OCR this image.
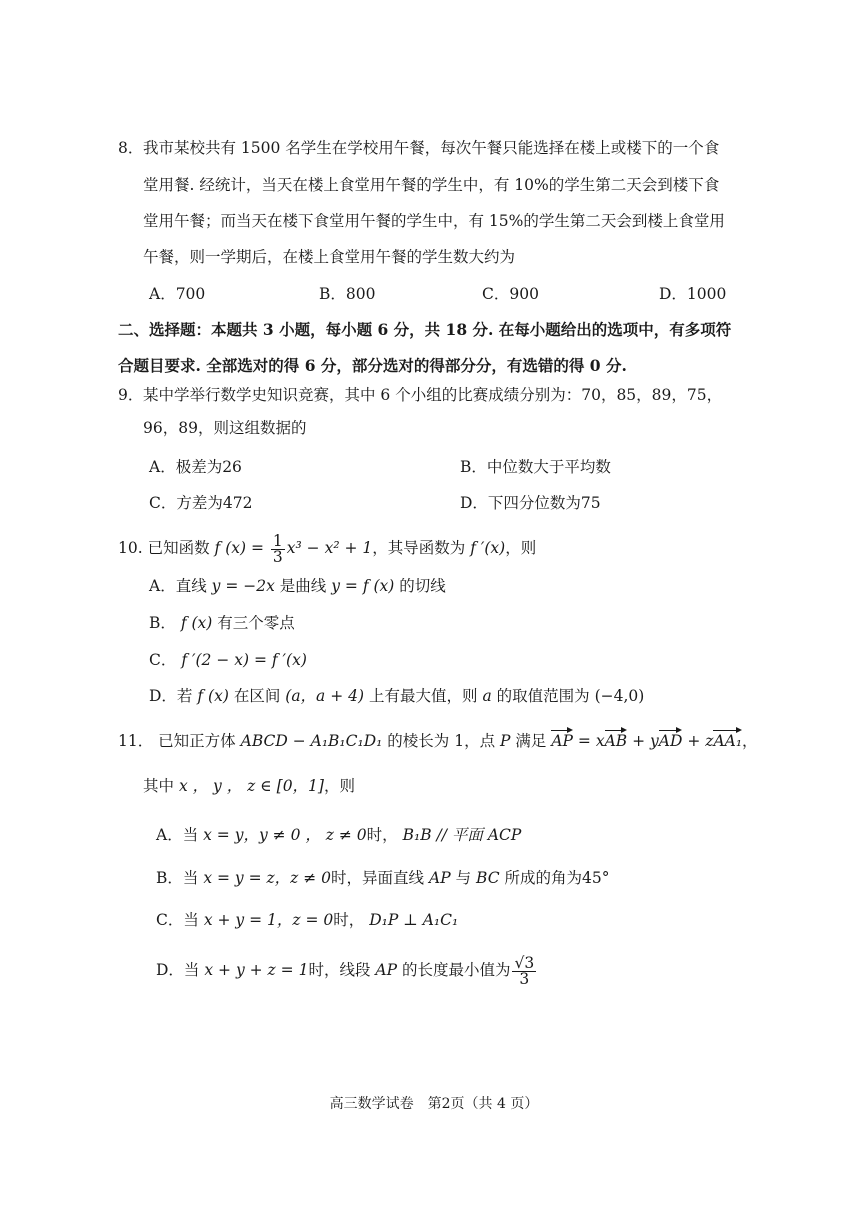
8． 我市某校共有 1500 名学生在学校用午餐，每次午餐只能选择在楼上或楼下的一个食
堂用餐. 经统计，当天在楼上食堂用午餐的学生中，有 10%的学生第二天会到楼下食
堂用午餐；而当天在楼下食堂用午餐的学生中，有 15%的学生第二天会到楼上食堂用
午餐，则一学期后，在楼上食堂用午餐的学生数大约为
A．700	B．800	C．900	D．1000
二、选择题：本题共 3 小题，每小题 6 分，共 18 分. 在每小题给出的选项中，有多项符
合题目要求. 全部选对的得 6 分，部分选对的得部分分，有选错的得 0 分.
9． 某中学举行数学史知识竞赛，其中 6 个小组的比赛成绩分别为：70，85，89，75，
96，89，则这组数据的
A．极差为26	B．中位数大于平均数
C．方差为472	D．下四分位数为75
10. 已知函数 f $(x) = \frac{1}{3} x^3 - x^2 + 1$，其导函数为 f ′(x)，则
A．直线 y = −2x 是曲线 y = f (x) 的切线
B． f (x) 有三个零点
C． f ′(2 − x) = f ′(x)
D．若 f (x) 在区间 (a，a + 4) 上有最大值，则 a 的取值范围为 (−4,0)
11． 已知正方体 ABCD − A₁B₁C₁D₁ 的棱长为 1，点 P 满足 AP = xAB + yAD + zAA₁，
其中 x ， y ， z ∈ [0，1]，则
A．当 x = y，y ≠ 0 ， z ≠ 0时， B₁B // 平面 ACP
B．当 x = y = z，z ≠ 0时，异面直线 AP 与 BC 所成的角为45°
C．当 x + y = 1，z = 0时， D₁P ⊥ A₁C₁
D．当 x + y + z = 1时，线段 AP 的长度最小值为 $\frac{√3}{3}$
高三数学试卷　第2页（共 4 页）
